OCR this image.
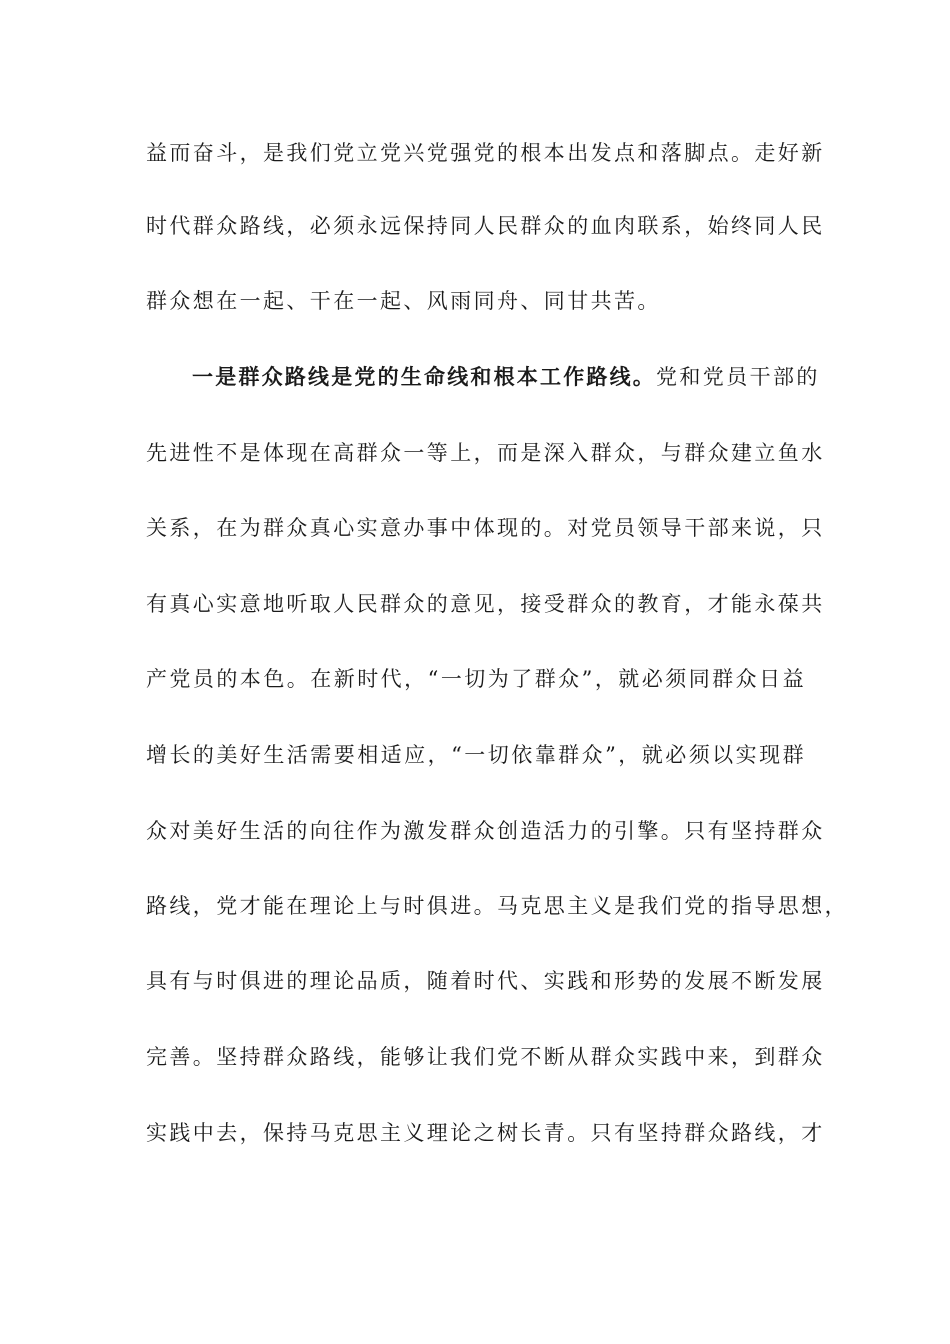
益而奋斗，是我们党立党兴党强党的根本出发点和落脚点。走好新
时代群众路线，必须永远保持同人民群众的血肉联系，始终同人民
群众想在一起、干在一起、风雨同舟、同甘共苦。
一是群众路线是党的生命线和根本工作路线。党和党员干部的
先进性不是体现在高群众一等上，而是深入群众，与群众建立鱼水
关系，在为群众真心实意办事中体现的。对党员领导干部来说，只
有真心实意地听取人民群众的意见，接受群众的教育，才能永葆共
产党员的本色。在新时代，“一切为了群众”，就必须同群众日益
增长的美好生活需要相适应，“一切依靠群众”，就必须以实现群
众对美好生活的向往作为激发群众创造活力的引擎。只有坚持群众
路线，党才能在理论上与时俱进。马克思主义是我们党的指导思想，
具有与时俱进的理论品质，随着时代、实践和形势的发展不断发展
完善。坚持群众路线，能够让我们党不断从群众实践中来，到群众
实践中去，保持马克思主义理论之树长青。只有坚持群众路线，才
